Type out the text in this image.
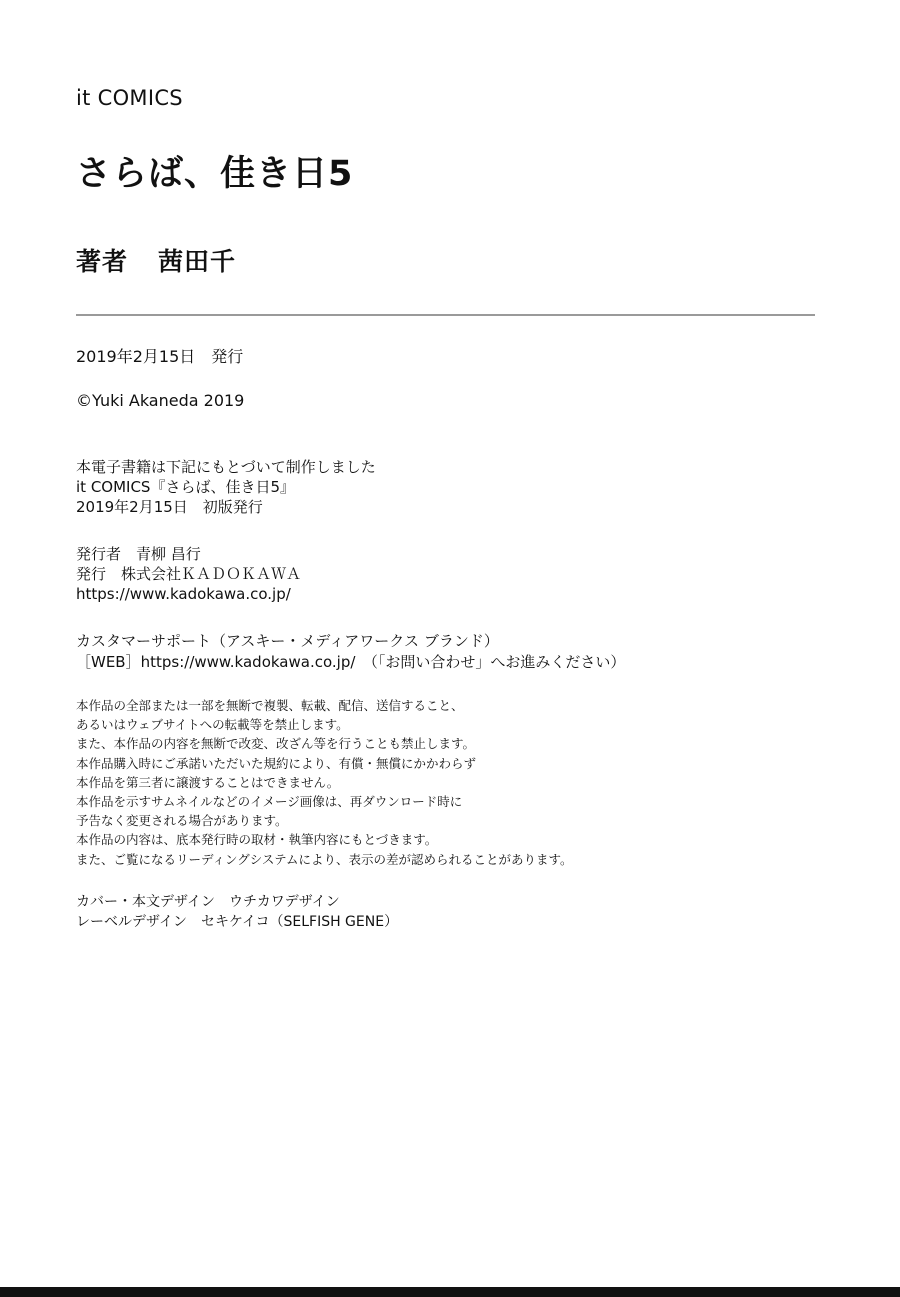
it COMICS
さらば、佳き日5
著者 茜田千
2019年2月15日　発行
©Yuki Akaneda 2019
本電子書籍は下記にもとづいて制作しました
it COMICS『さらば、佳き日5』
2019年2月15日　初版発行
発行者　青柳 昌行
発行　株式会社ＫＡＤＯＫＡＷＡ
https://www.kadokawa.co.jp/
カスタマーサポート（アスキー・メディアワークス ブランド）
［WEB］https://www.kadokawa.co.jp/　（「お問い合わせ」へお進みください）
本作品の全部または一部を無断で複製、転載、配信、送信すること、
あるいはウェブサイトへの転載等を禁止します。
また、本作品の内容を無断で改変、改ざん等を行うことも禁止します。
本作品購入時にご承諾いただいた規約により、有償・無償にかかわらず
本作品を第三者に譲渡することはできません。
本作品を示すサムネイルなどのイメージ画像は、再ダウンロード時に
予告なく変更される場合があります。
本作品の内容は、底本発行時の取材・執筆内容にもとづきます。
また、ご覧になるリーディングシステムにより、表示の差が認められることがあります。
カバー・本文デザイン　ウチカワデザイン
レーベルデザイン　セキケイコ（SELFISH GENE）
